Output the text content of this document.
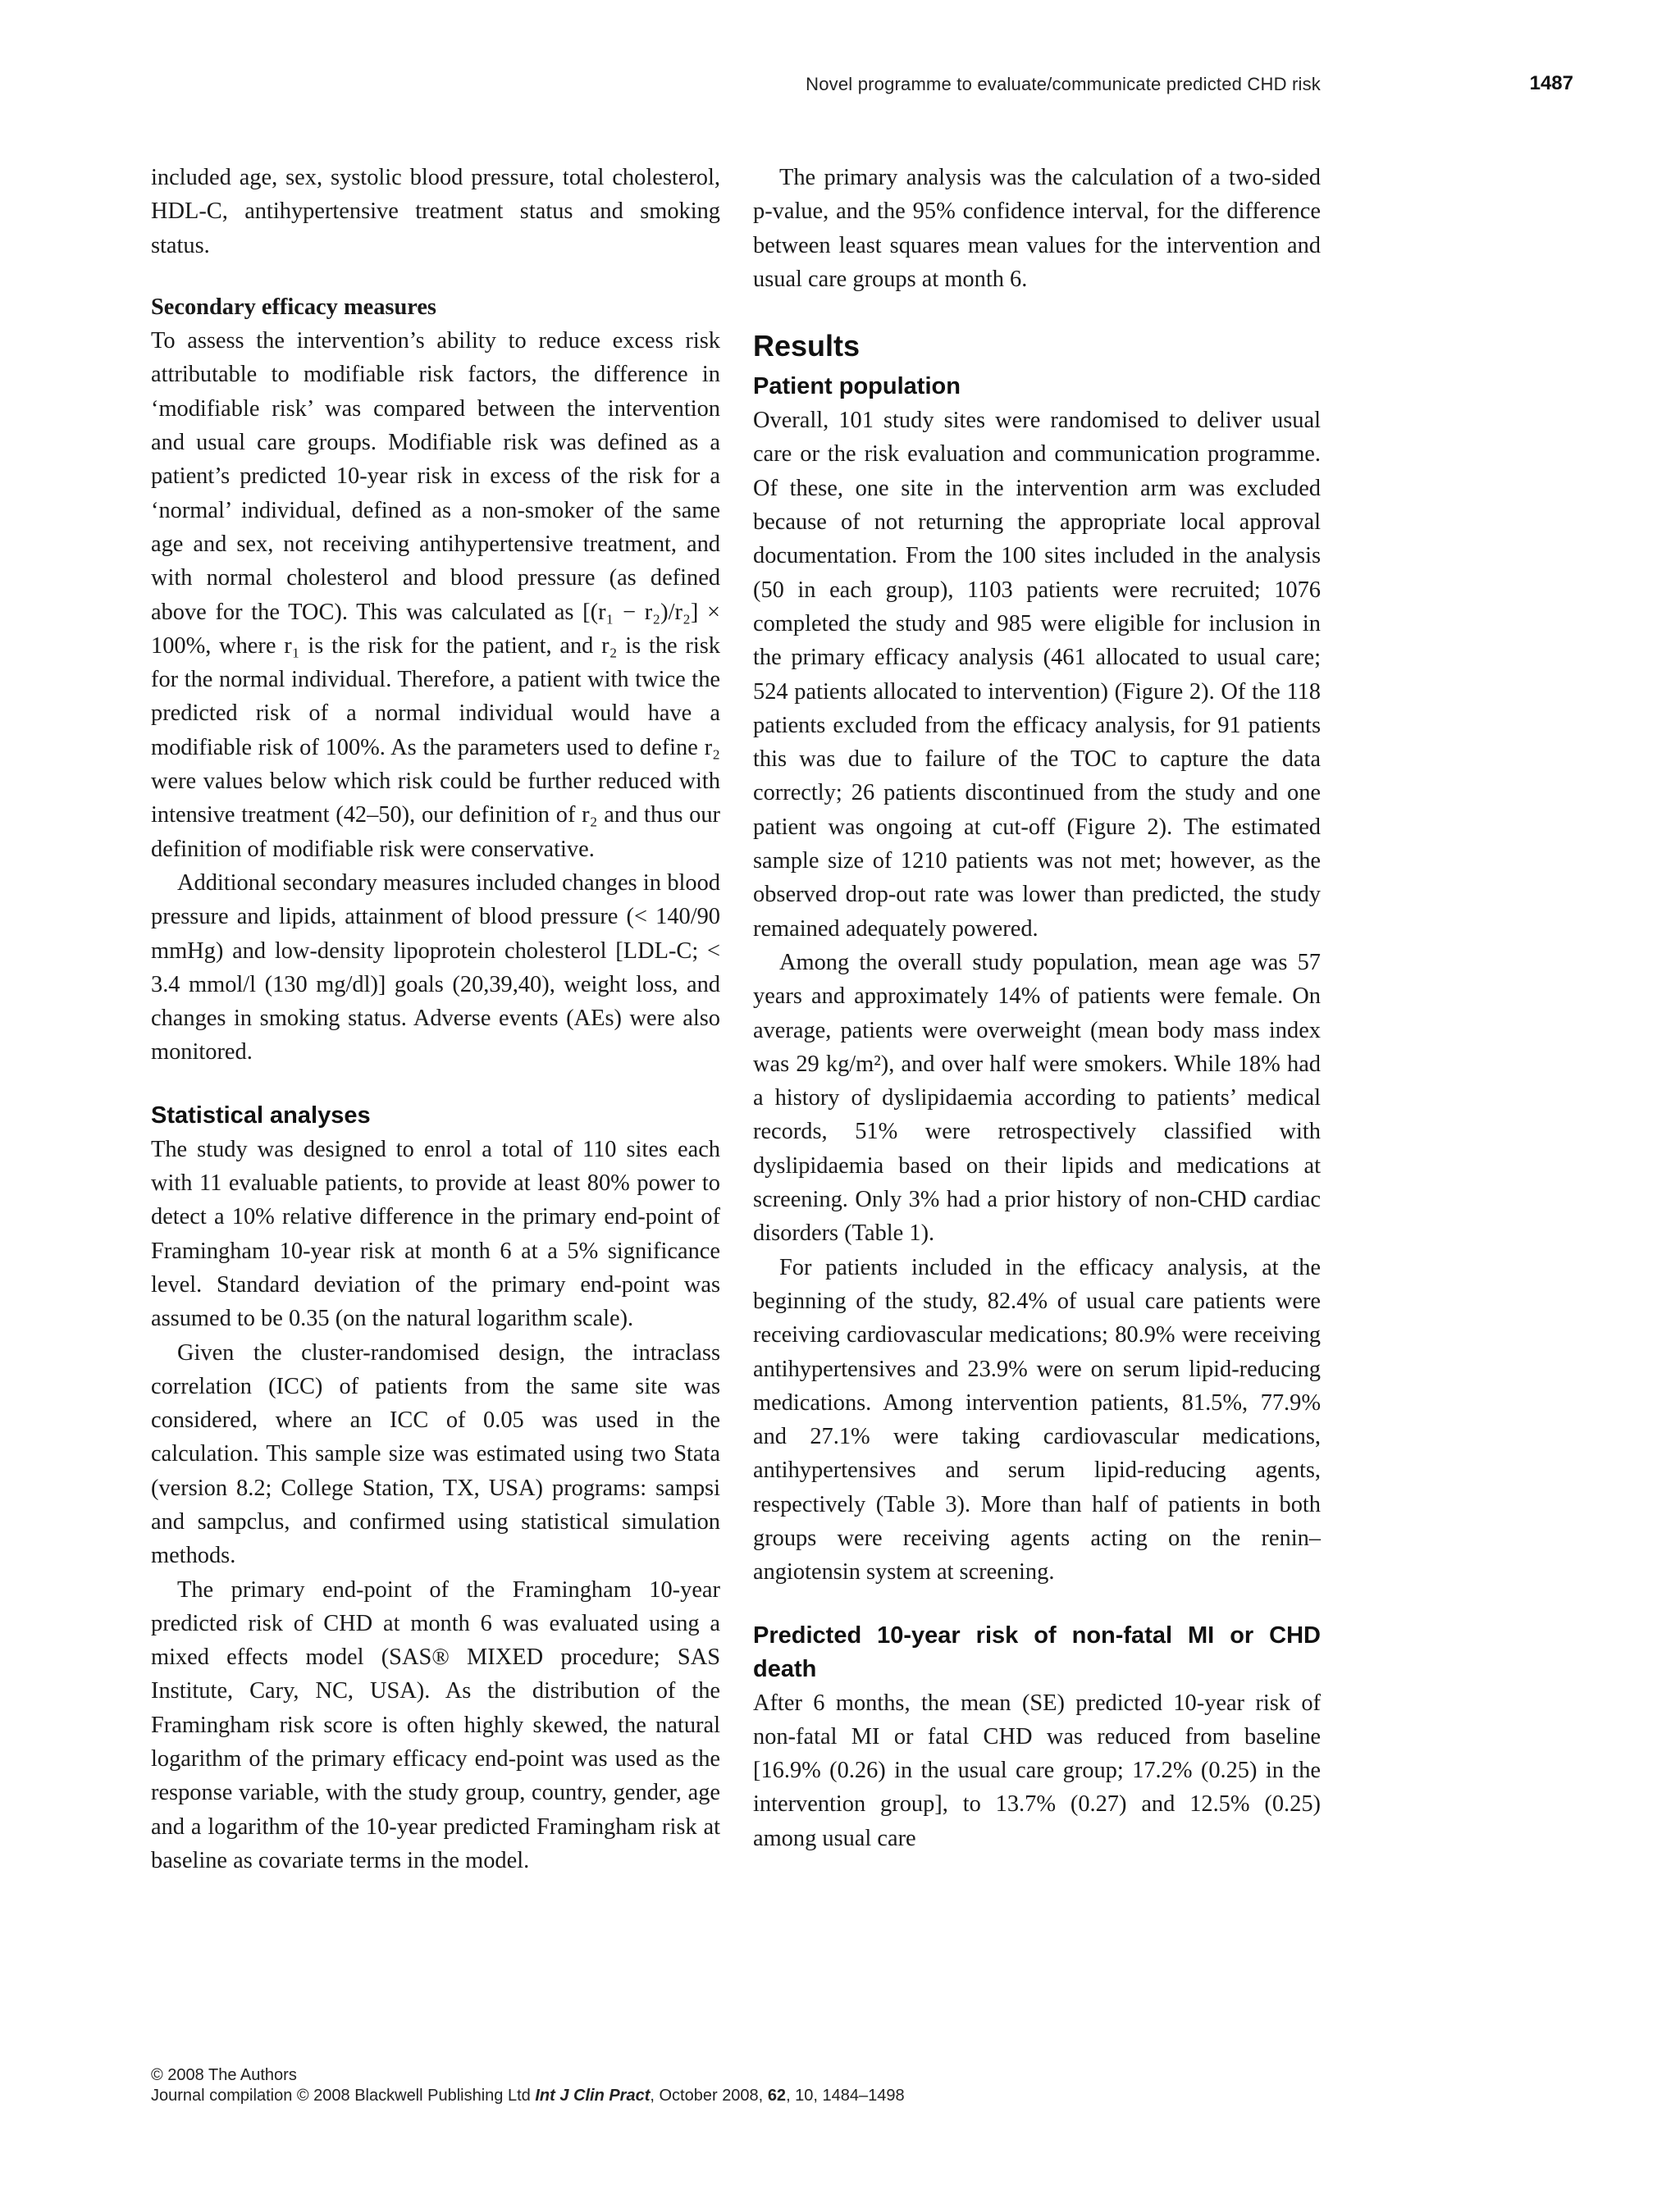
Novel programme to evaluate/communicate predicted CHD risk	1487

included age, sex, systolic blood pressure, total cholesterol, HDL-C, antihypertensive treatment status and smoking status.

Secondary efficacy measures

To assess the intervention’s ability to reduce excess risk attributable to modifiable risk factors, the difference in ‘modifiable risk’ was compared between the intervention and usual care groups. Modifiable risk was defined as a patient’s predicted 10-year risk in excess of the risk for a ‘normal’ individual, defined as a non-smoker of the same age and sex, not receiving antihypertensive treatment, and with normal cholesterol and blood pressure (as defined above for the TOC). This was calculated as [(r₁ − r₂)/r₂] × 100%, where r₁ is the risk for the patient, and r₂ is the risk for the normal individual. Therefore, a patient with twice the predicted risk of a normal individual would have a modifiable risk of 100%. As the parameters used to define r₂ were values below which risk could be further reduced with intensive treatment (42–50), our definition of r₂ and thus our definition of modifiable risk were conservative.

Additional secondary measures included changes in blood pressure and lipids, attainment of blood pressure (< 140/90 mmHg) and low-density lipoprotein cholesterol [LDL-C; < 3.4 mmol/l (130 mg/dl)] goals (20,39,40), weight loss, and changes in smoking status. Adverse events (AEs) were also monitored.

Statistical analyses

The study was designed to enrol a total of 110 sites each with 11 evaluable patients, to provide at least 80% power to detect a 10% relative difference in the primary end-point of Framingham 10-year risk at month 6 at a 5% significance level. Standard deviation of the primary end-point was assumed to be 0.35 (on the natural logarithm scale).

Given the cluster-randomised design, the intraclass correlation (ICC) of patients from the same site was considered, where an ICC of 0.05 was used in the calculation. This sample size was estimated using two Stata (version 8.2; College Station, TX, USA) programs: sampsi and sampclus, and confirmed using statistical simulation methods.

The primary end-point of the Framingham 10-year predicted risk of CHD at month 6 was evaluated using a mixed effects model (SAS® MIXED procedure; SAS Institute, Cary, NC, USA). As the distribution of the Framingham risk score is often highly skewed, the natural logarithm of the primary efficacy end-point was used as the response variable, with the study group, country, gender, age and a logarithm of the 10-year predicted Framingham risk at baseline as covariate terms in the model.

The primary analysis was the calculation of a two-sided p-value, and the 95% confidence interval, for the difference between least squares mean values for the intervention and usual care groups at month 6.

Results
Patient population

Overall, 101 study sites were randomised to deliver usual care or the risk evaluation and communication programme. Of these, one site in the intervention arm was excluded because of not returning the appropriate local approval documentation. From the 100 sites included in the analysis (50 in each group), 1103 patients were recruited; 1076 completed the study and 985 were eligible for inclusion in the primary efficacy analysis (461 allocated to usual care; 524 patients allocated to intervention) (Figure 2). Of the 118 patients excluded from the efficacy analysis, for 91 patients this was due to failure of the TOC to capture the data correctly; 26 patients discontinued from the study and one patient was ongoing at cut-off (Figure 2). The estimated sample size of 1210 patients was not met; however, as the observed drop-out rate was lower than predicted, the study remained adequately powered.

Among the overall study population, mean age was 57 years and approximately 14% of patients were female. On average, patients were overweight (mean body mass index was 29 kg/m²), and over half were smokers. While 18% had a history of dyslipidaemia according to patients’ medical records, 51% were retrospectively classified with dyslipidaemia based on their lipids and medications at screening. Only 3% had a prior history of non-CHD cardiac disorders (Table 1).

For patients included in the efficacy analysis, at the beginning of the study, 82.4% of usual care patients were receiving cardiovascular medications; 80.9% were receiving antihypertensives and 23.9% were on serum lipid-reducing medications. Among intervention patients, 81.5%, 77.9% and 27.1% were taking cardiovascular medications, antihypertensives and serum lipid-reducing agents, respectively (Table 3). More than half of patients in both groups were receiving agents acting on the renin–angiotensin system at screening.

Predicted 10-year risk of non-fatal MI or CHD death

After 6 months, the mean (SE) predicted 10-year risk of non-fatal MI or fatal CHD was reduced from baseline [16.9% (0.26) in the usual care group; 17.2% (0.25) in the intervention group], to 13.7% (0.27) and 12.5% (0.25) among usual care

© 2008 The Authors
Journal compilation © 2008 Blackwell Publishing Ltd Int J Clin Pract, October 2008, 62, 10, 1484–1498
